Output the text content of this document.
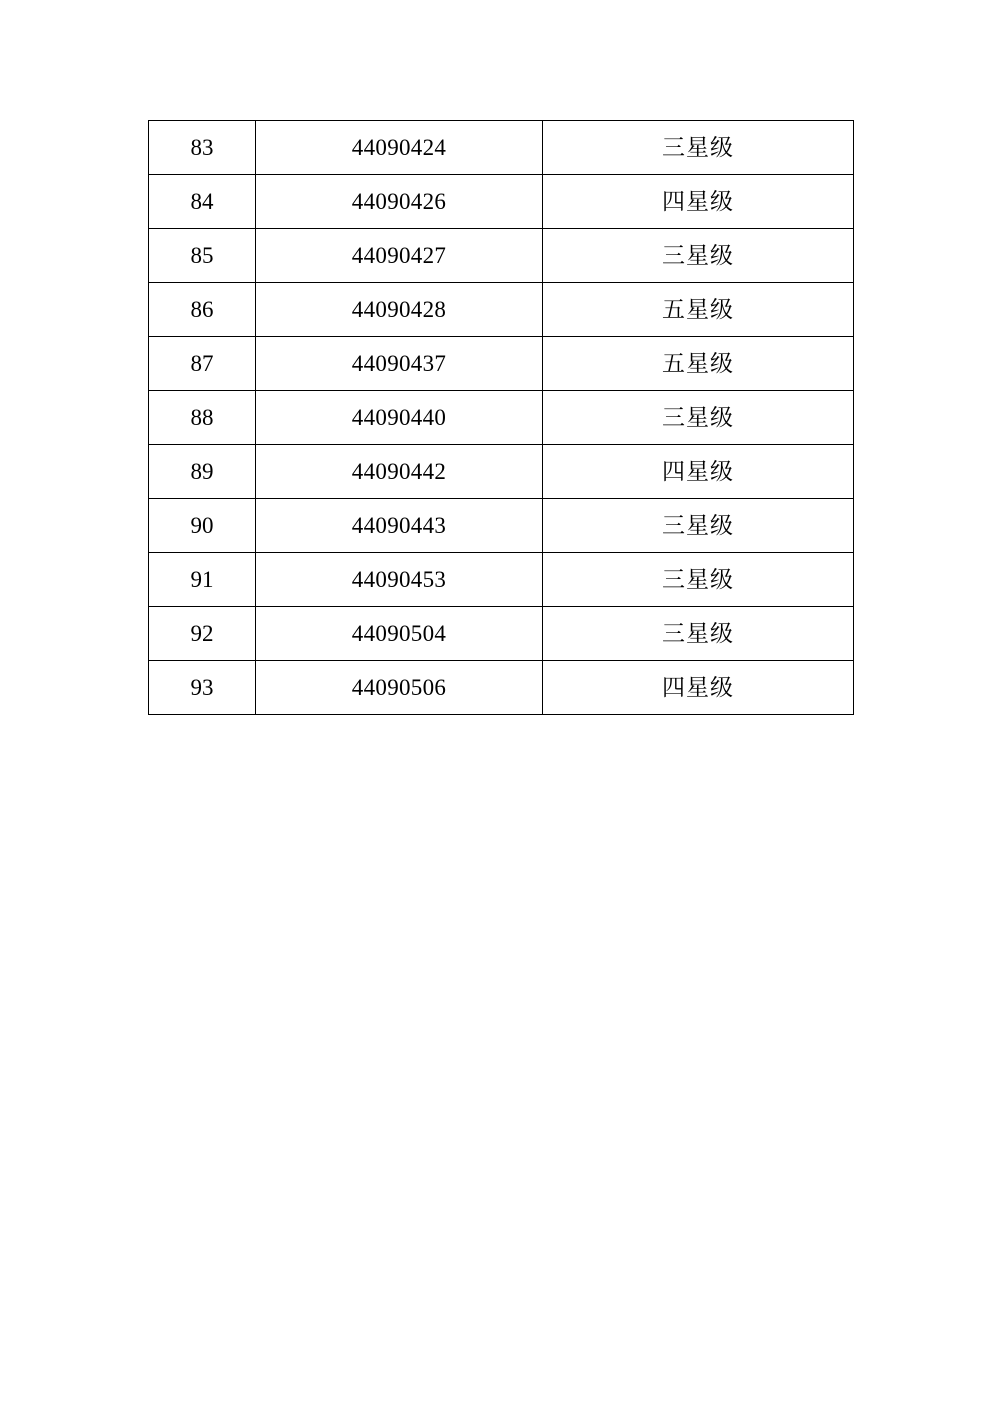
83	44090424	三星级
84	44090426	四星级
85	44090427	三星级
86	44090428	五星级
87	44090437	五星级
88	44090440	三星级
89	44090442	四星级
90	44090443	三星级
91	44090453	三星级
92	44090504	三星级
93	44090506	四星级
